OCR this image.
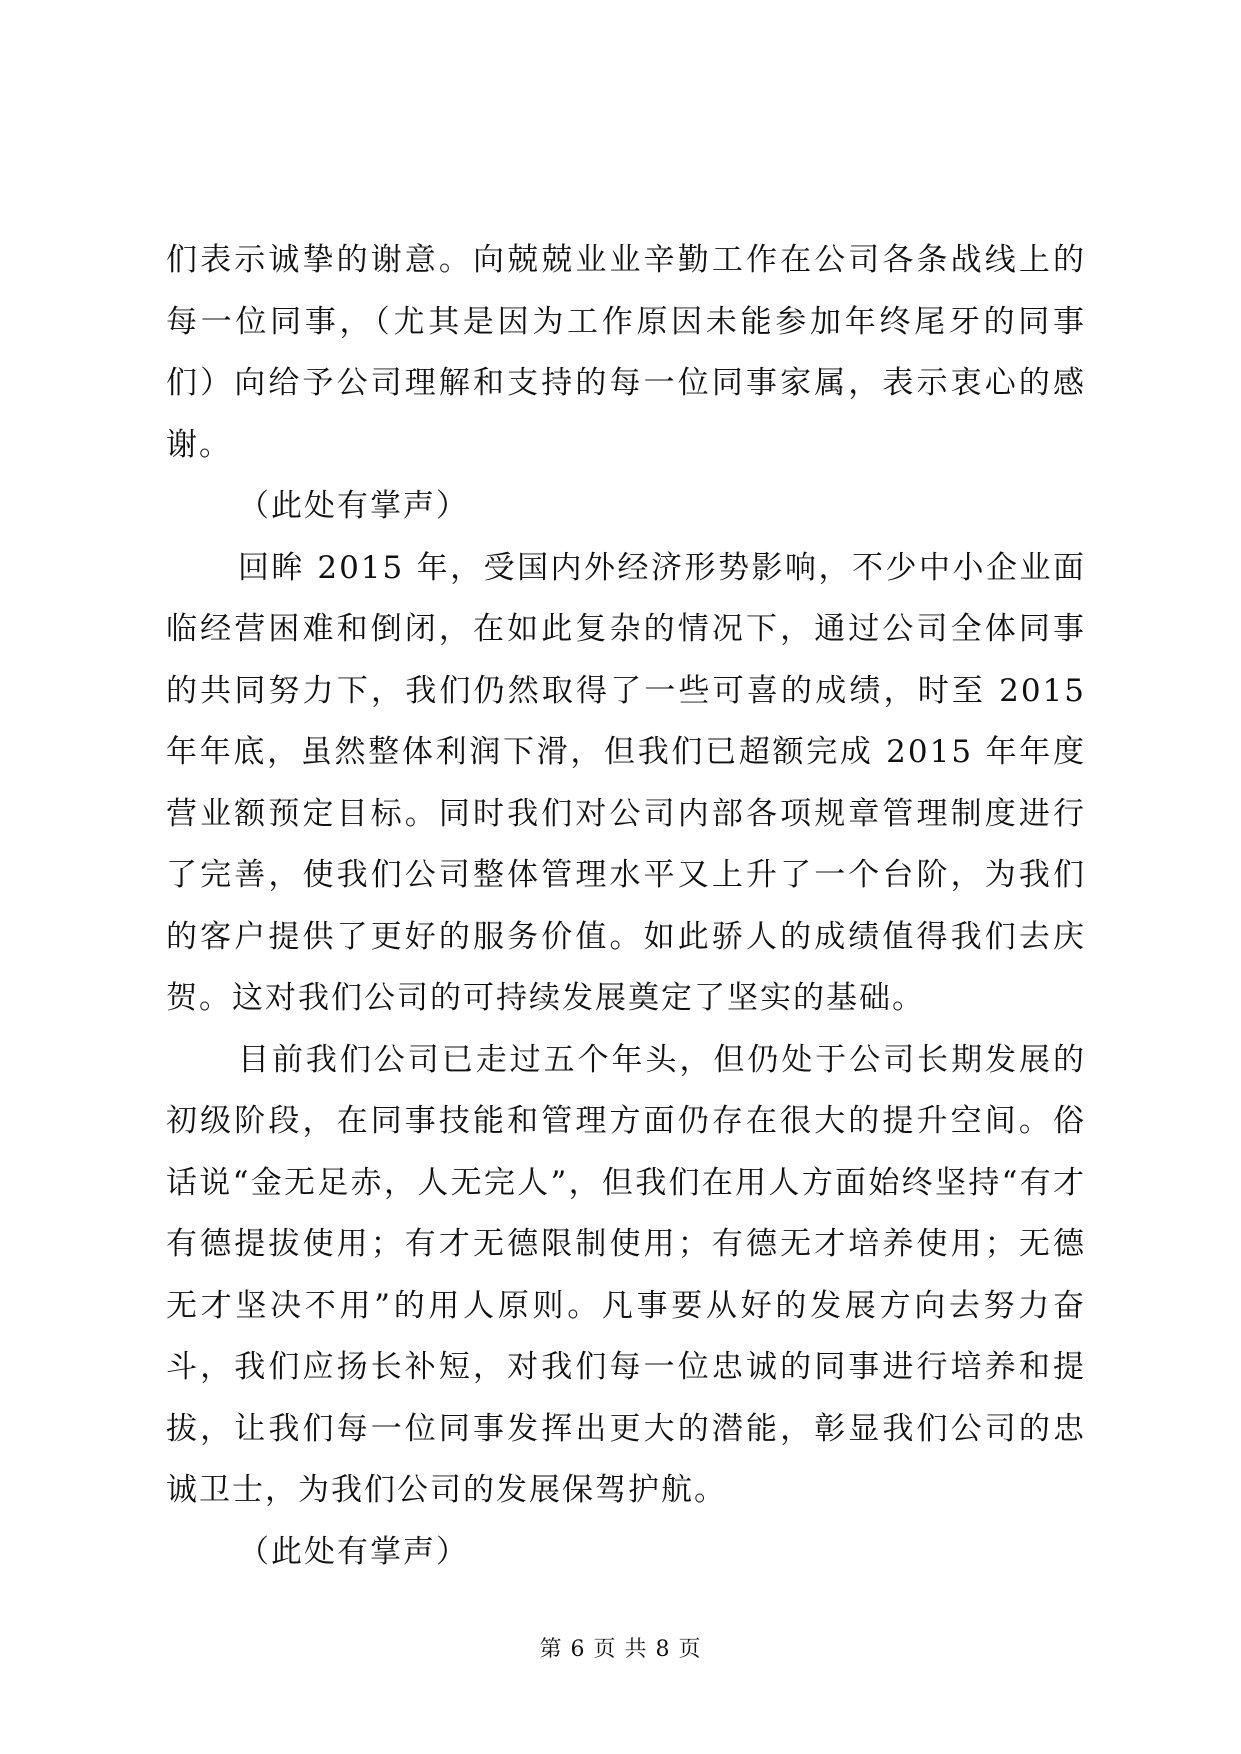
们表示诚挚的谢意。向兢兢业业辛勤工作在公司各条战线上的每一位同事，（尤其是因为工作原因未能参加年终尾牙的同事们）向给予公司理解和支持的每一位同事家属，表示衷心的感谢。

（此处有掌声）

回眸 2015 年，受国内外经济形势影响，不少中小企业面临经营困难和倒闭，在如此复杂的情况下，通过公司全体同事的共同努力下，我们仍然取得了一些可喜的成绩，时至 2015 年年底，虽然整体利润下滑，但我们已超额完成 2015 年年度营业额预定目标。同时我们对公司内部各项规章管理制度进行了完善，使我们公司整体管理水平又上升了一个台阶，为我们的客户提供了更好的服务价值。如此骄人的成绩值得我们去庆贺。这对我们公司的可持续发展奠定了坚实的基础。

目前我们公司已走过五个年头，但仍处于公司长期发展的初级阶段，在同事技能和管理方面仍存在很大的提升空间。俗话说“金无足赤，人无完人”，但我们在用人方面始终坚持“有才有德提拔使用；有才无德限制使用；有德无才培养使用；无德无才坚决不用”的用人原则。凡事要从好的发展方向去努力奋斗，我们应扬长补短，对我们每一位忠诚的同事进行培养和提拔，让我们每一位同事发挥出更大的潜能，彰显我们公司的忠诚卫士，为我们公司的发展保驾护航。

（此处有掌声）

第 6 页 共 8 页
